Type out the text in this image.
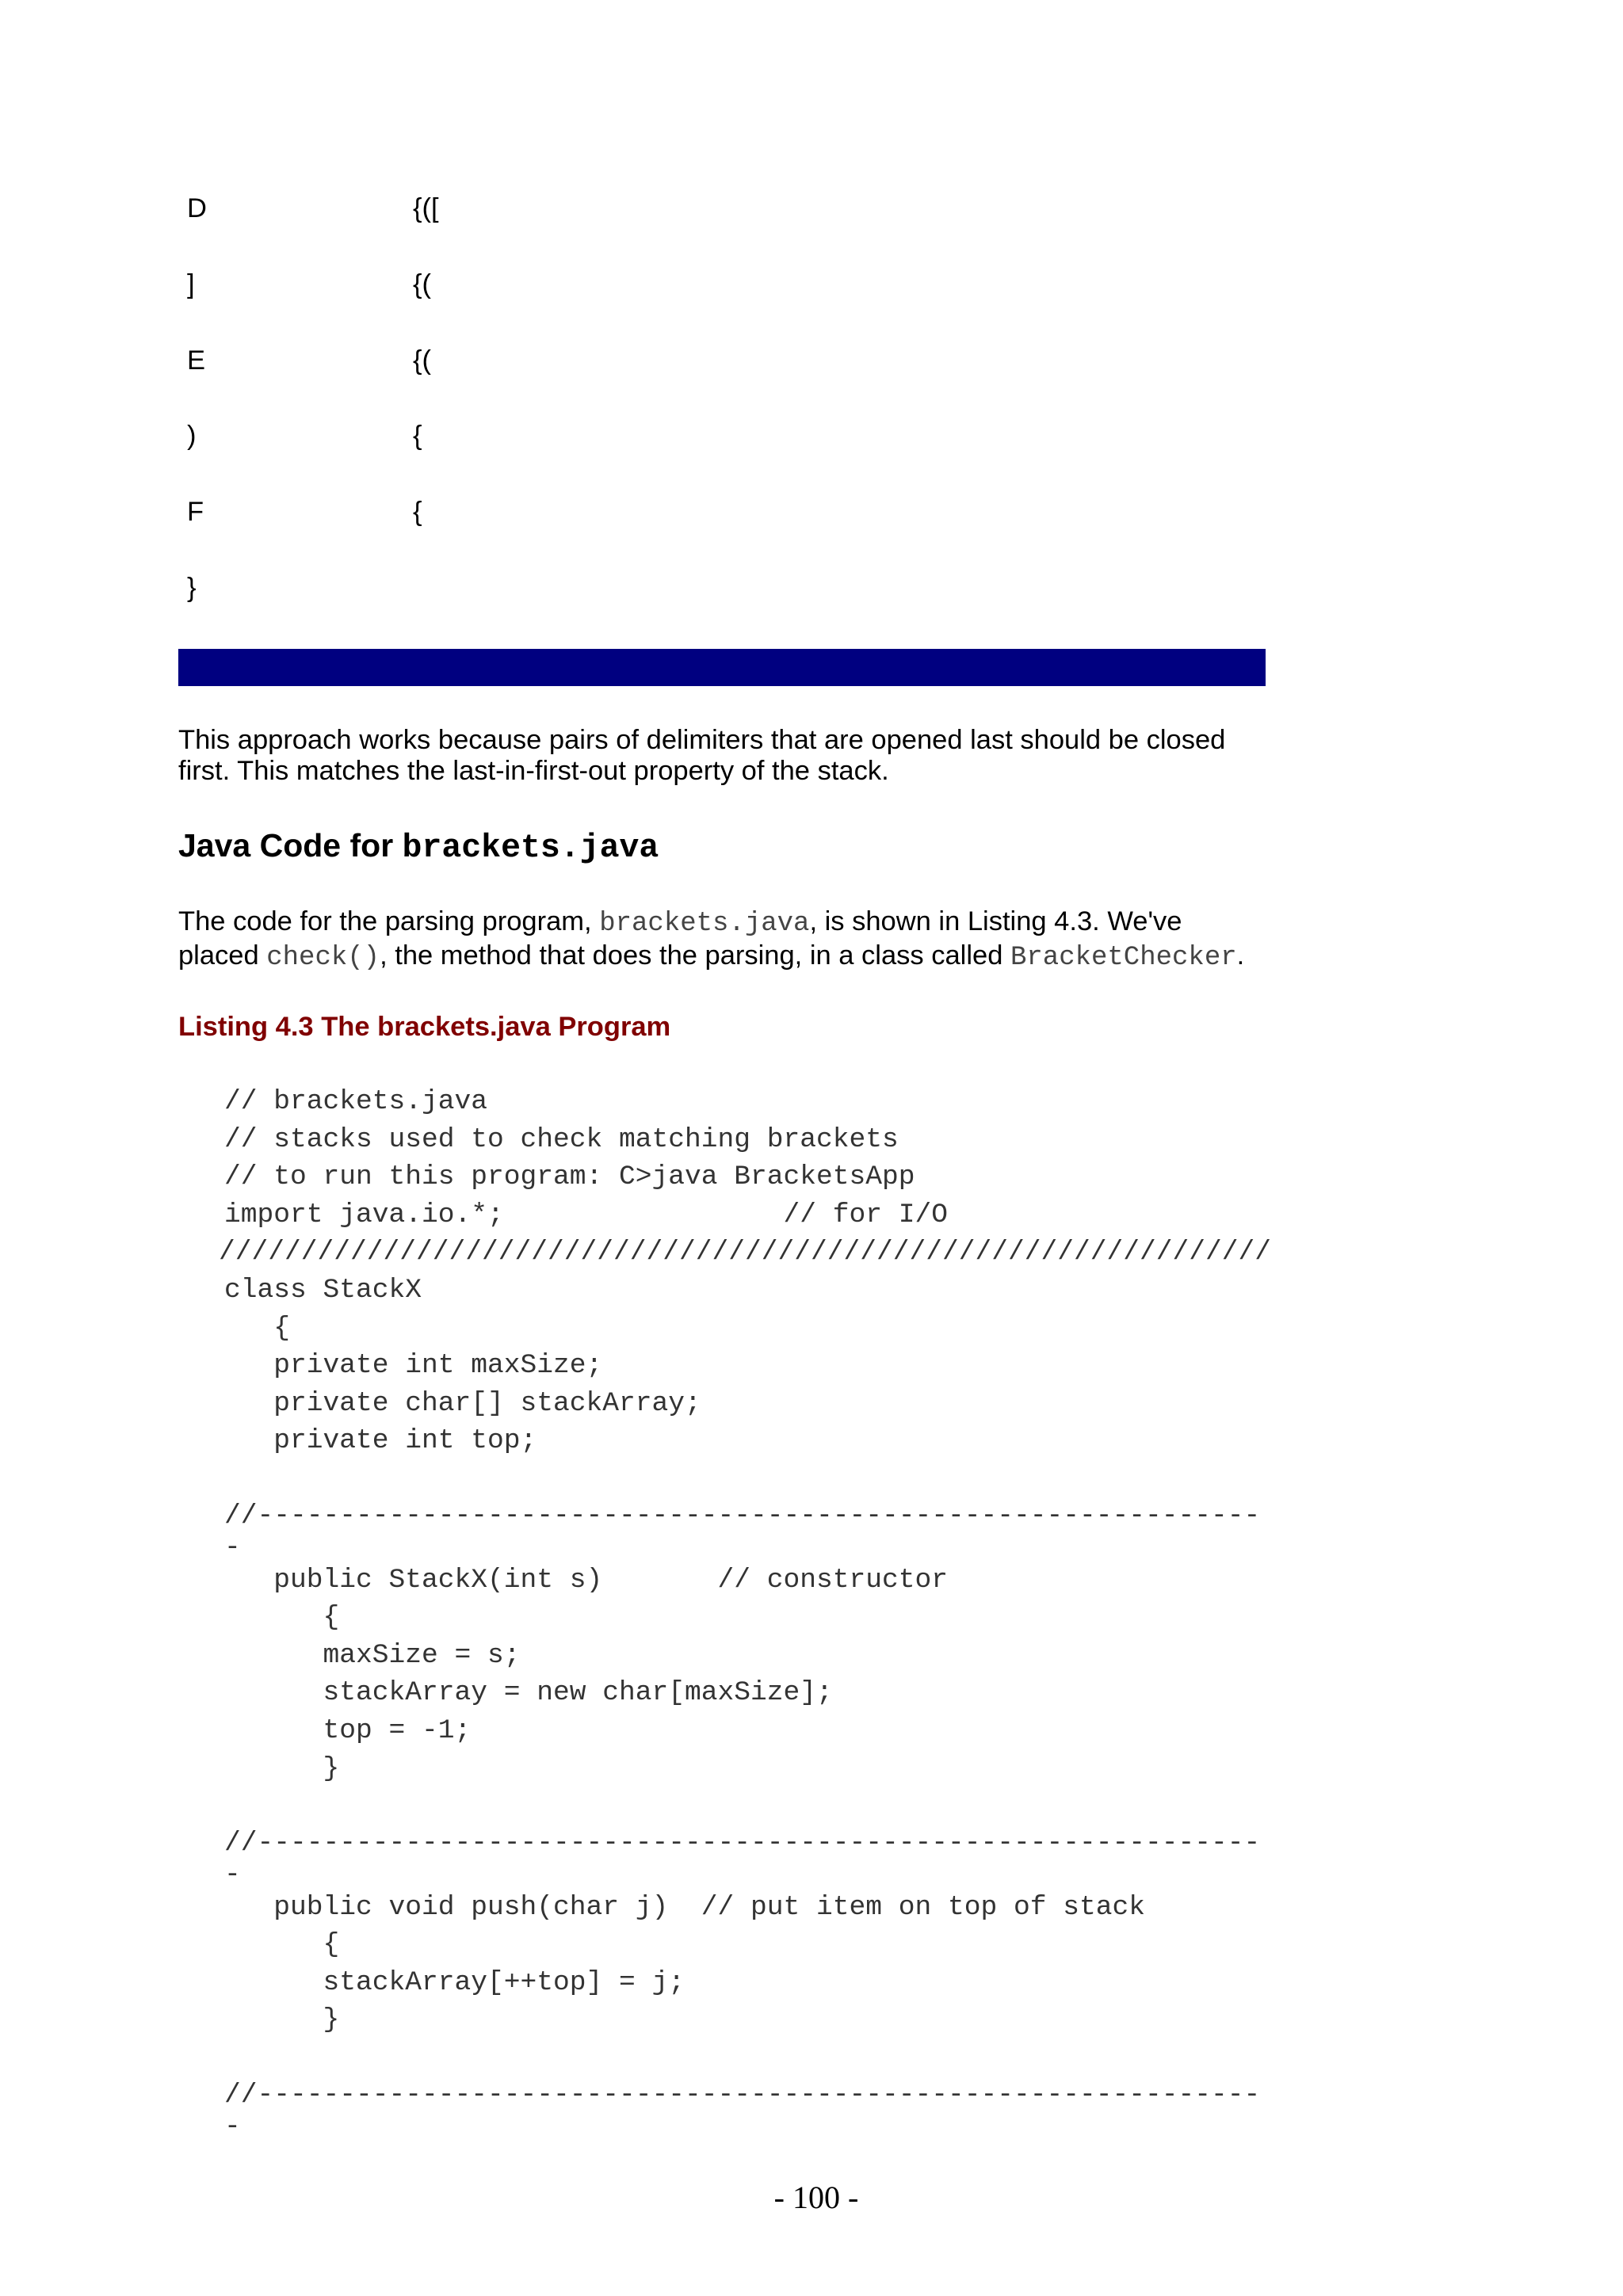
D	{([
]	{(
E	{(
)	{
F	{
}
This approach works because pairs of delimiters that are opened last should be closed
first. This matches the last-in-first-out property of the stack.
Java Code for brackets.java
The code for the parsing program, brackets.java, is shown in Listing 4.3. We've
placed check(), the method that does the parsing, in a class called BracketChecker.
Listing 4.3 The brackets.java Program
// brackets.java
// stacks used to check matching brackets
// to run this program: C>java BracketsApp
import java.io.*;                 // for I/O
////////////////////////////////////////////////////////////////
class StackX
{
private int maxSize;
private char[] stackArray;
private int top;
//-------------------------------------------------------------
-
public StackX(int s)       // constructor
{
maxSize = s;
stackArray = new char[maxSize];
top = -1;
}
//-------------------------------------------------------------
-
public void push(char j)  // put item on top of stack
{
stackArray[++top] = j;
}
//-------------------------------------------------------------
-
- 100 -
